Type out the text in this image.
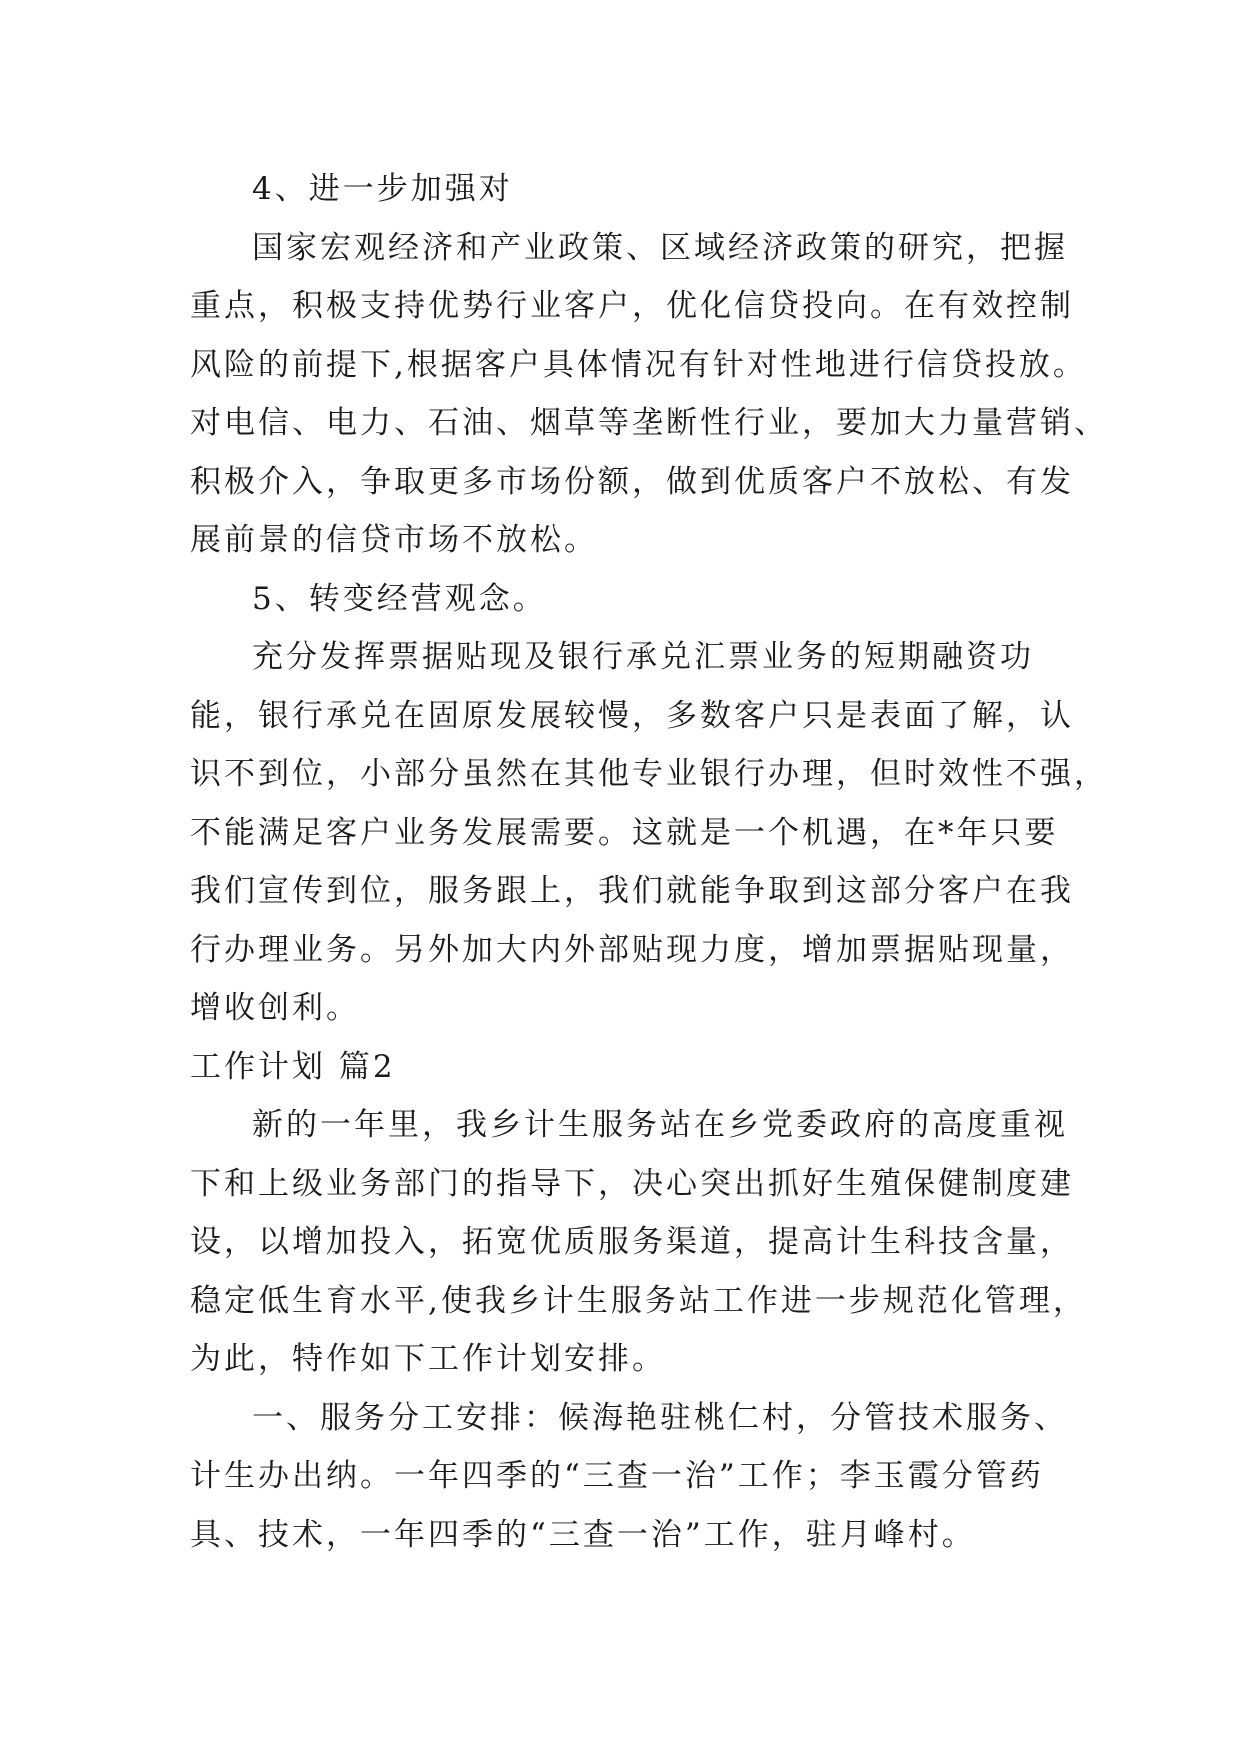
4、进一步加强对

国家宏观经济和产业政策、区域经济政策的研究，把握
重点，积极支持优势行业客户，优化信贷投向。在有效控制
风险的前提下,根据客户具体情况有针对性地进行信贷投放。
对电信、电力、石油、烟草等垄断性行业，要加大力量营销、
积极介入，争取更多市场份额，做到优质客户不放松、有发
展前景的信贷市场不放松。

5、转变经营观念。

充分发挥票据贴现及银行承兑汇票业务的短期融资功
能，银行承兑在固原发展较慢，多数客户只是表面了解，认
识不到位，小部分虽然在其他专业银行办理，但时效性不强，
不能满足客户业务发展需要。这就是一个机遇，在*年只要
我们宣传到位，服务跟上，我们就能争取到这部分客户在我
行办理业务。另外加大内外部贴现力度，增加票据贴现量，
增收创利。

工作计划 篇2

新的一年里，我乡计生服务站在乡党委政府的高度重视
下和上级业务部门的指导下，决心突出抓好生殖保健制度建
设，以增加投入，拓宽优质服务渠道，提高计生科技含量，
稳定低生育水平,使我乡计生服务站工作进一步规范化管理，
为此，特作如下工作计划安排。

一、服务分工安排：候海艳驻桃仁村，分管技术服务、
计生办出纳。一年四季的“三查一治”工作；李玉霞分管药
具、技术，一年四季的“三查一治”工作，驻月峰村。
